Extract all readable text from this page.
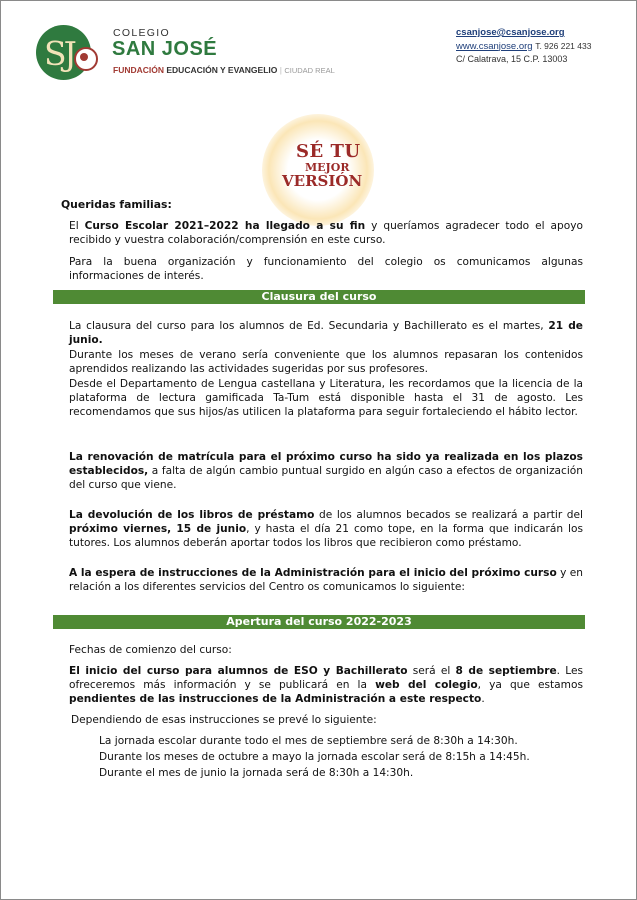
SJ
COLEGIO
SAN JOSÉ
FUNDACIÓN EDUCACIÓN Y EVANGELIO | CIUDAD REAL
csanjose@csanjose.org
www.csanjose.org T. 926 221 433
C/ Calatrava, 15 C.P. 13003
SÉ TU
MEJOR
VERSIÓN
Queridas familias:
El Curso Escolar 2021–2022 ha llegado a su fin y queríamos agradecer todo el apoyo recibido y vuestra colaboración/comprensión en este curso.
Para la buena organización y funcionamiento del colegio os comunicamos algunas informaciones de interés.
Clausura del curso
La clausura del curso para los alumnos de Ed. Secundaria y Bachillerato es el martes, 21 de junio.
Durante los meses de verano sería conveniente que los alumnos repasaran los contenidos aprendidos realizando las actividades sugeridas por sus profesores.
Desde el Departamento de Lengua castellana y Literatura, les recordamos que la licencia de la plataforma de lectura gamificada Ta-Tum está disponible hasta el 31 de agosto. Les recomendamos que sus hijos/as utilicen la plataforma para seguir fortaleciendo el hábito lector.
La renovación de matrícula para el próximo curso ha sido ya realizada en los plazos establecidos, a falta de algún cambio puntual surgido en algún caso a efectos de organización del curso que viene.
La devolución de los libros de préstamo de los alumnos becados se realizará a partir del próximo viernes, 15 de junio, y hasta el día 21 como tope, en la forma que indicarán los tutores. Los alumnos deberán aportar todos los libros que recibieron como préstamo.
A la espera de instrucciones de la Administración para el inicio del próximo curso y en relación a los diferentes servicios del Centro os comunicamos lo siguiente:
Apertura del curso 2022-2023
Fechas de comienzo del curso:
El inicio del curso para alumnos de ESO y Bachillerato será el 8 de septiembre. Les ofreceremos más información y se publicará en la web del colegio, ya que estamos pendientes de las instrucciones de la Administración a este respecto.
Dependiendo de esas instrucciones se prevé lo siguiente:
La jornada escolar durante todo el mes de septiembre será de 8:30h a 14:30h.
Durante los meses de octubre a mayo la jornada escolar será de 8:15h a 14:45h.
Durante el mes de junio la jornada será de 8:30h a 14:30h.
